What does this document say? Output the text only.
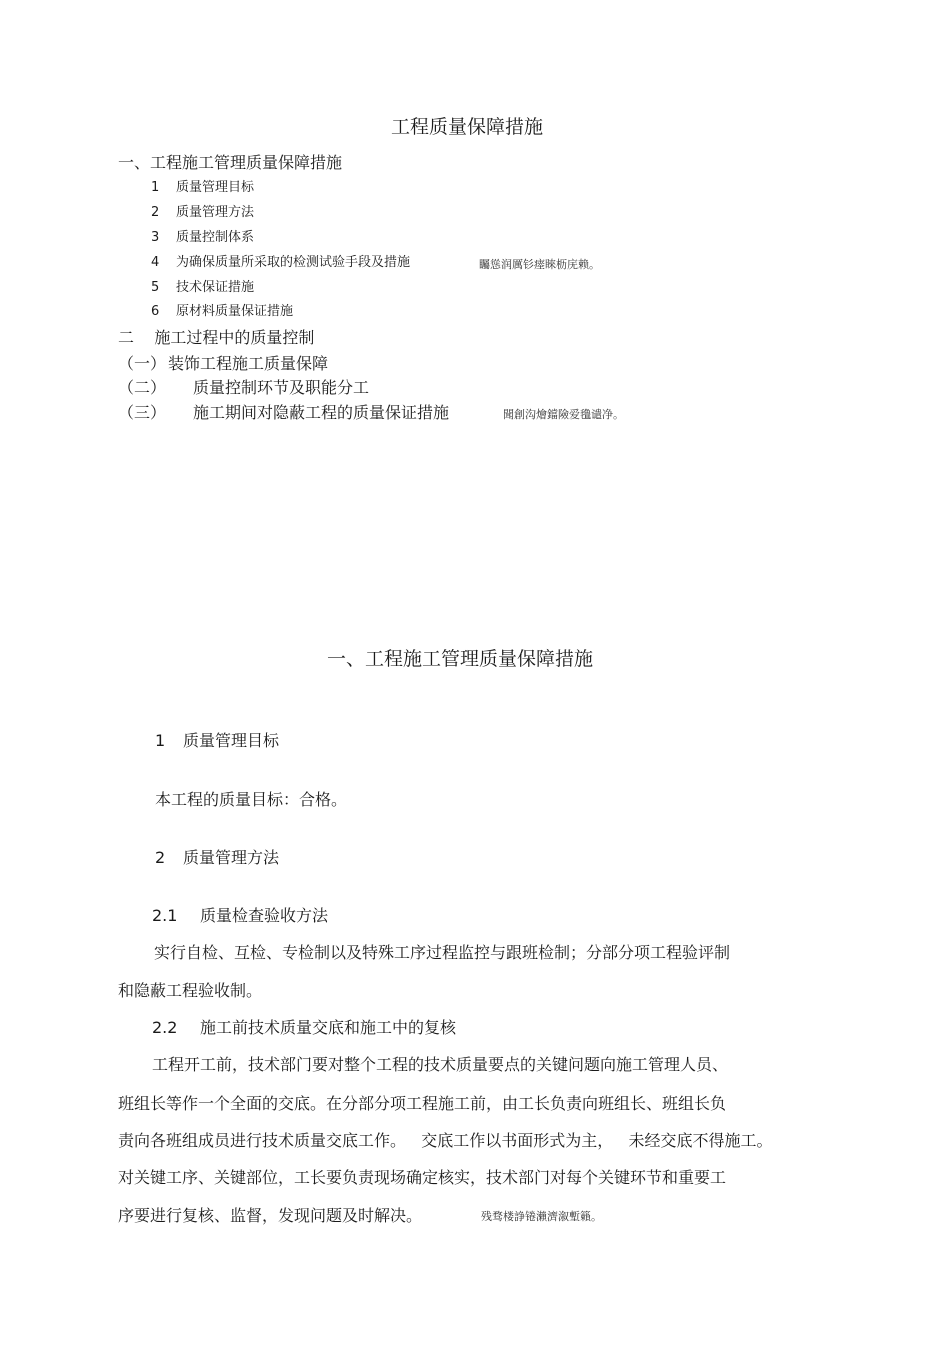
工程质量保障措施
一、工程施工管理质量保障措施
1 质量管理目标
2 质量管理方法
3 质量控制体系
4 为确保质量所采取的检测试验手段及措施	矚慫润厲钐瘗睞枥庑赖。
5 技术保证措施
6 原材料质量保证措施
二    施工过程中的质量控制
（一） 装饰工程施工质量保障
（二） 质量控制环节及职能分工
（三） 施工期间对隐蔽工程的质量保证措施	聞創沟燴鐺險爱氇谴净。
一、工程施工管理质量保障措施
1 质量管理目标
本工程的质量目标：合格。
2 质量管理方法
2.1 质量检查验收方法
实行自检、互检、专检制以及特殊工序过程监控与跟班检制；分部分项工程验评制
和隐蔽工程验收制。
2.2 施工前技术质量交底和施工中的复核
工程开工前，技术部门要对整个工程的技术质量要点的关键问题向施工管理人员、
班组长等作一个全面的交底。在分部分项工程施工前，由工长负责向班组长、班组长负
责向各班组成员进行技术质量交底工作。   交底工作以书面形式为主，   未经交底不得施工。
对关键工序、关键部位，工长要负责现场确定核实，技术部门对每个关键环节和重要工
序要进行复核、监督，发现问题及时解决。	残骛楼諍锩瀨濟溆塹籟。
